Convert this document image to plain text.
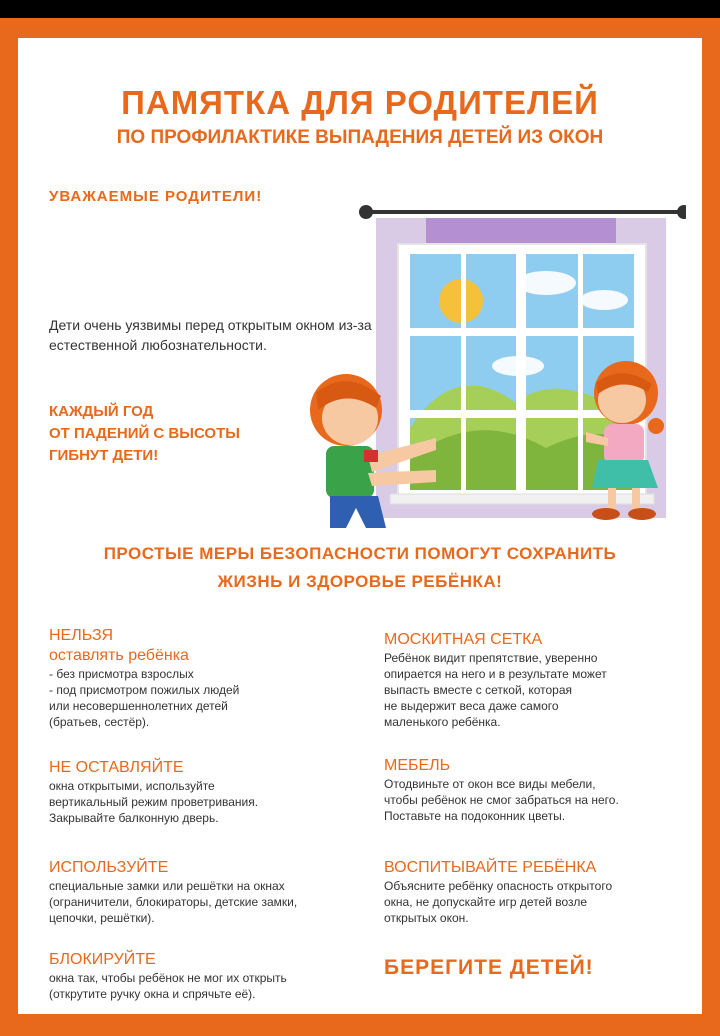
ПАМЯТКА ДЛЯ РОДИТЕЛЕЙ
ПО ПРОФИЛАКТИКЕ ВЫПАДЕНИЯ ДЕТЕЙ ИЗ ОКОН
УВАЖАЕМЫЕ РОДИТЕЛИ!
Дети очень уязвимы перед открытым окном из-за естественной любознательности.
КАЖДЫЙ ГОД
ОТ ПАДЕНИЙ С ВЫСОТЫ
ГИБНУТ ДЕТИ!
ПРОСТЫЕ МЕРЫ БЕЗОПАСНОСТИ ПОМОГУТ СОХРАНИТЬ
ЖИЗНЬ И ЗДОРОВЬЕ РЕБЁНКА!
НЕЛЬЗЯ
оставлять ребёнка
- без присмотра взрослых
- под присмотром пожилых людей
или несовершеннолетних детей
(братьев, сестёр).
НЕ ОСТАВЛЯЙТЕ
окна открытыми, используйте
вертикальный режим проветривания.
Закрывайте балконную дверь.
ИСПОЛЬЗУЙТЕ
специальные замки или решётки на окнах
(ограничители, блокираторы, детские замки,
цепочки, решётки).
БЛОКИРУЙТЕ
окна так, чтобы ребёнок не мог их открыть
(открутите ручку окна и спрячьте её).
МОСКИТНАЯ СЕТКА
Ребёнок видит препятствие, уверенно
опирается на него и в результате может
выпасть вместе с сеткой, которая
не выдержит веса даже самого
маленького ребёнка.
МЕБЕЛЬ
Отодвиньте от окон все виды мебели,
чтобы ребёнок не смог забраться на него.
Поставьте на подоконник цветы.
ВОСПИТЫВАЙТЕ РЕБЁНКА
Объясните ребёнку опасность открытого
окна, не допускайте игр детей возле
открытых окон.
БЕРЕГИТЕ ДЕТЕЙ!
